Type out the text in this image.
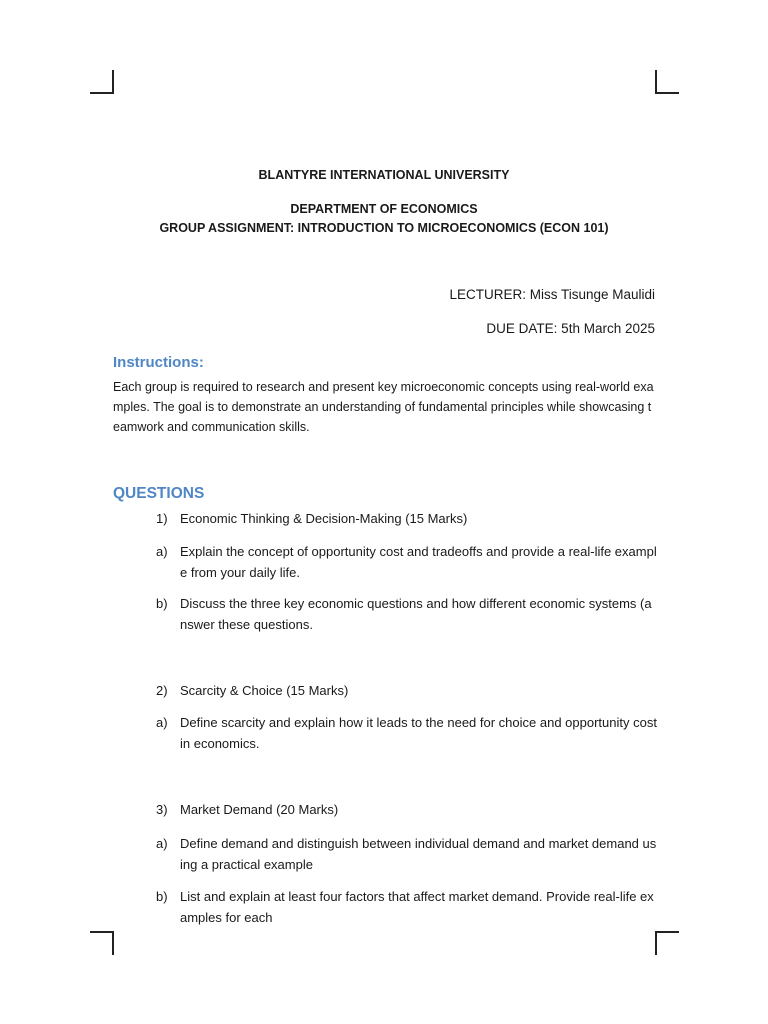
BLANTYRE INTERNATIONAL UNIVERSITY
DEPARTMENT OF ECONOMICS
GROUP ASSIGNMENT: INTRODUCTION TO MICROECONOMICS (ECON 101)
LECTURER: Miss Tisunge Maulidi
DUE DATE: 5th March 2025
Instructions:
Each group is required to research and present key microeconomic concepts using real-world examples. The goal is to demonstrate an understanding of fundamental principles while showcasing teamwork and communication skills.
QUESTIONS
1) Economic Thinking & Decision-Making (15 Marks)
a) Explain the concept of opportunity cost and tradeoffs and provide a real-life example from your daily life.
b) Discuss the three key economic questions and how different economic systems (answer these questions.
2) Scarcity & Choice (15 Marks)
a) Define scarcity and explain how it leads to the need for choice and opportunity cost in economics.
3) Market Demand (20 Marks)
a) Define demand and distinguish between individual demand and market demand using a practical example
b) List and explain at least four factors that affect market demand. Provide real-life examples for each
